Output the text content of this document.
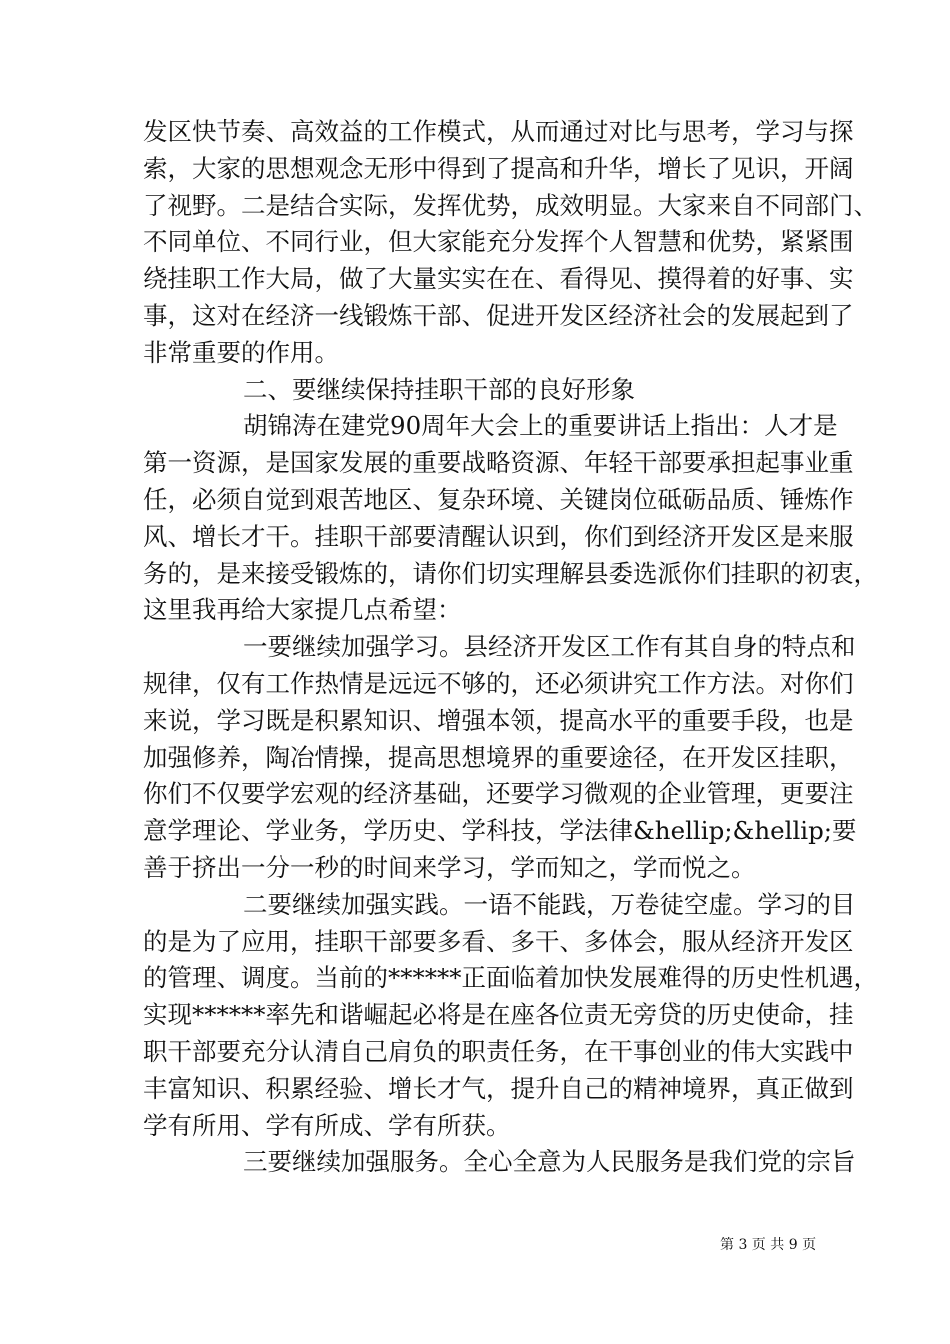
发区快节奏、高效益的工作模式，从而通过对比与思考，学习与探
索，大家的思想观念无形中得到了提高和升华，增长了见识，开阔
了视野。二是结合实际，发挥优势，成效明显。大家来自不同部门、
不同单位、不同行业，但大家能充分发挥个人智慧和优势，紧紧围
绕挂职工作大局，做了大量实实在在、看得见、摸得着的好事、实
事，这对在经济一线锻炼干部、促进开发区经济社会的发展起到了
非常重要的作用。
二、要继续保持挂职干部的良好形象
胡锦涛在建党90周年大会上的重要讲话上指出：人才是
第一资源，是国家发展的重要战略资源、年轻干部要承担起事业重
任，必须自觉到艰苦地区、复杂环境、关键岗位砥砺品质、锤炼作
风、增长才干。挂职干部要清醒认识到，你们到经济开发区是来服
务的，是来接受锻炼的，请你们切实理解县委选派你们挂职的初衷，
这里我再给大家提几点希望：
一要继续加强学习。县经济开发区工作有其自身的特点和
规律，仅有工作热情是远远不够的，还必须讲究工作方法。对你们
来说，学习既是积累知识、增强本领，提高水平的重要手段，也是
加强修养，陶冶情操，提高思想境界的重要途径，在开发区挂职，
你们不仅要学宏观的经济基础，还要学习微观的企业管理，更要注
意学理论、学业务，学历史、学科技，学法律&hellip;&hellip;要
善于挤出一分一秒的时间来学习，学而知之，学而悦之。
二要继续加强实践。一语不能践，万卷徒空虚。学习的目
的是为了应用，挂职干部要多看、多干、多体会，服从经济开发区
的管理、调度。当前的******正面临着加快发展难得的历史性机遇，
实现******率先和谐崛起必将是在座各位责无旁贷的历史使命，挂
职干部要充分认清自己肩负的职责任务，在干事创业的伟大实践中
丰富知识、积累经验、增长才气，提升自己的精神境界，真正做到
学有所用、学有所成、学有所获。
三要继续加强服务。全心全意为人民服务是我们党的宗旨
第 3 页 共 9 页
